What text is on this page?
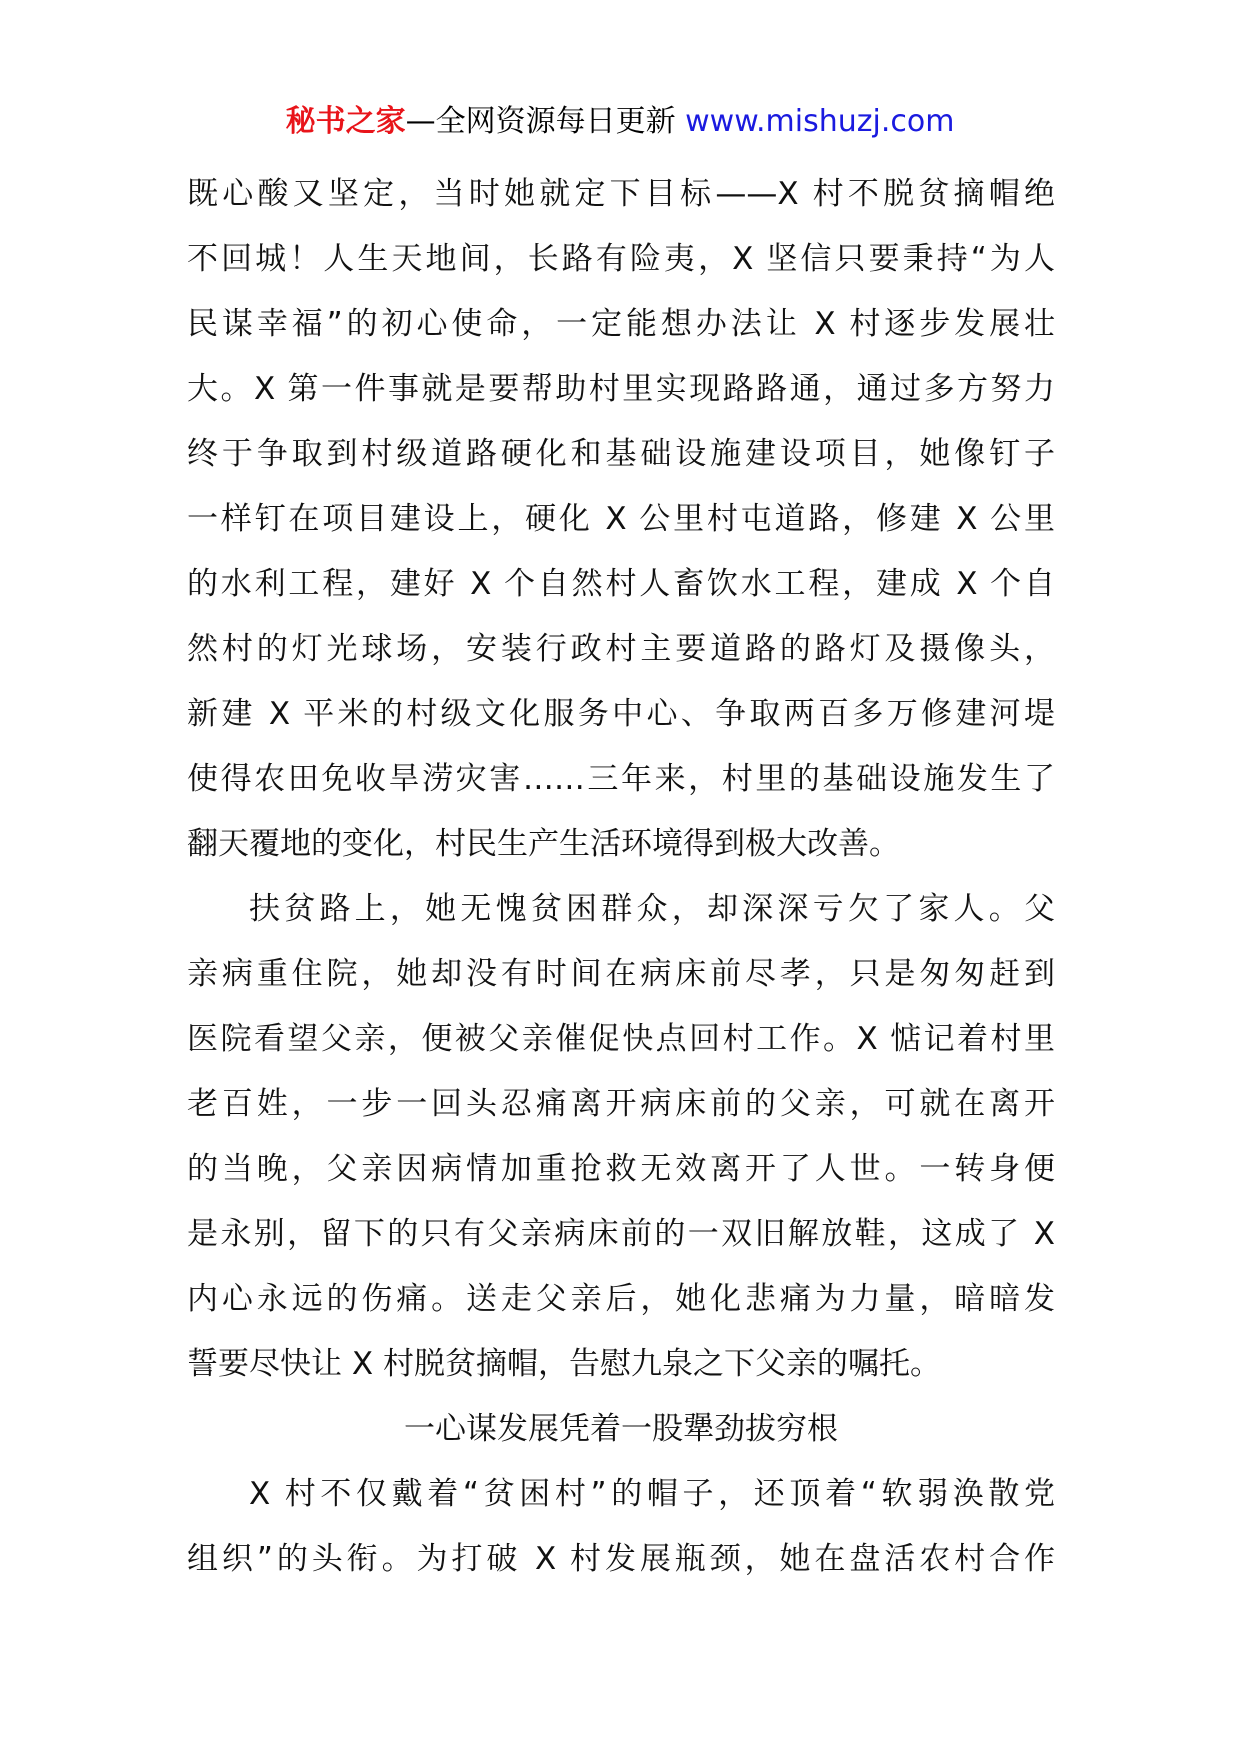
秘书之家—全网资源每日更新 www.mishuzj.com
既心酸又坚定，当时她就定下目标——X 村不脱贫摘帽绝
不回城！人生天地间，长路有险夷，X 坚信只要秉持“为人
民谋幸福”的初心使命，一定能想办法让 X 村逐步发展壮
大。X 第一件事就是要帮助村里实现路路通，通过多方努力
终于争取到村级道路硬化和基础设施建设项目，她像钉子
一样钉在项目建设上，硬化 X 公里村屯道路，修建 X 公里
的水利工程，建好 X 个自然村人畜饮水工程，建成 X 个自
然村的灯光球场，安装行政村主要道路的路灯及摄像头，
新建 X 平米的村级文化服务中心、争取两百多万修建河堤
使得农田免收旱涝灾害……三年来，村里的基础设施发生了
翻天覆地的变化，村民生产生活环境得到极大改善。
扶贫路上，她无愧贫困群众，却深深亏欠了家人。父
亲病重住院，她却没有时间在病床前尽孝，只是匆匆赶到
医院看望父亲，便被父亲催促快点回村工作。X 惦记着村里
老百姓，一步一回头忍痛离开病床前的父亲，可就在离开
的当晚，父亲因病情加重抢救无效离开了人世。一转身便
是永别，留下的只有父亲病床前的一双旧解放鞋，这成了 X
内心永远的伤痛。送走父亲后，她化悲痛为力量，暗暗发
誓要尽快让 X 村脱贫摘帽，告慰九泉之下父亲的嘱托。
一心谋发展凭着一股犟劲拔穷根
X 村不仅戴着“贫困村”的帽子，还顶着“软弱涣散党
组织”的头衔。为打破 X 村发展瓶颈，她在盘活农村合作
